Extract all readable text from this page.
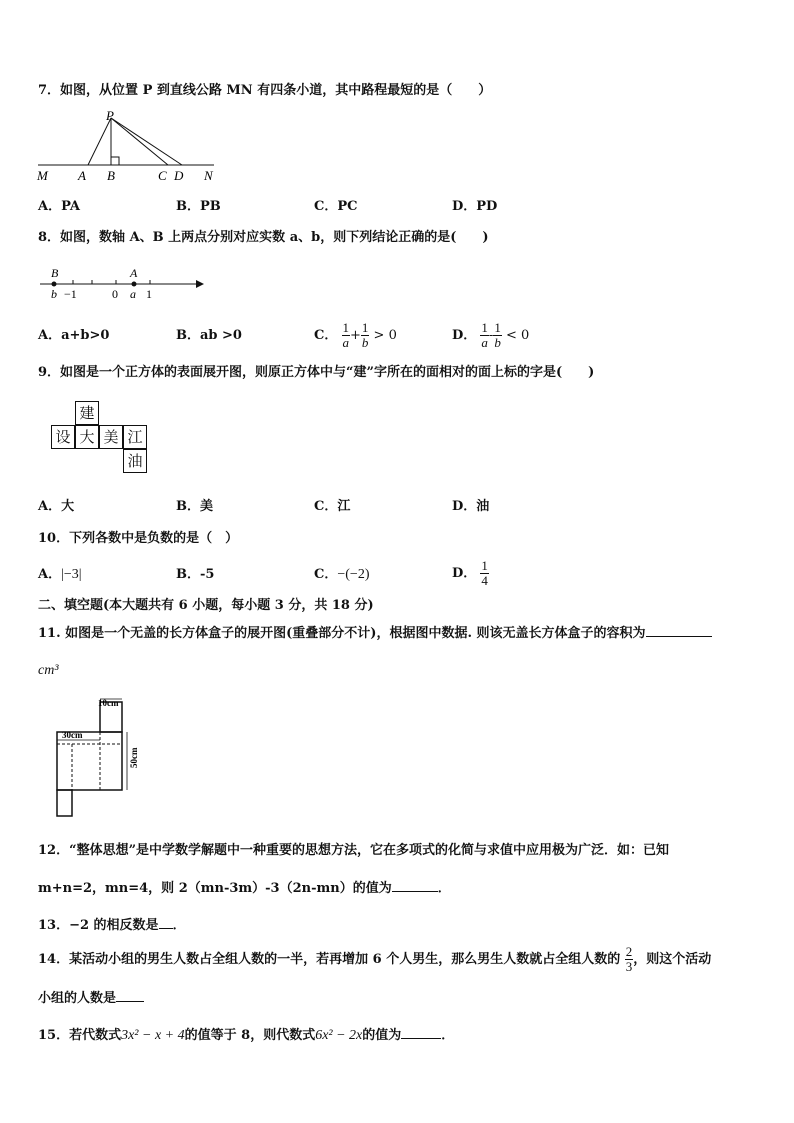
7．如图，从位置 P 到直线公路 MN 有四条小道，其中路程最短的是（　　）
P
M A B	C D N
A．PA	B．PB	C．PC	D．PD
8．如图，数轴 A、B 上两点分别对应实数 a、b，则下列结论正确的是(　　)
B	A
b −1	0 a 1
A．a+b>0	B．ab >0	C． $\frac{1}{a} + \frac{1}{b} > 0$	D． $\frac{1}{a} - \frac{1}{b} < 0$
9．如图是一个正方体的表面展开图，则原正方体中与“建”字所在的面相对的面上标的字是(　　)
建
设 大 美 江
油
A．大	B．美	C．江	D．油
10．下列各数中是负数的是（　）
A．|−3|	B．-5	C．−(−2)	D． $\frac{1}{4}$
二、填空题(本大题共有 6 小题，每小题 3 分，共 18 分)
11. 如图是一个无盖的长方体盒子的展开图(重叠部分不计)，根据图中数据. 则该无盖长方体盒子的容积为
cm³
10cm
30cm
50cm
12．“整体思想”是中学数学解题中一种重要的思想方法，它在多项式的化简与求值中应用极为广泛．如：已知
m+n=2，mn=4，则 2（mn-3m）-3（2n-mn）的值为	．
13．−2 的相反数是 ．
14．某活动小组的男生人数占全组人数的一半，若再增加 6 个人男生，那么男生人数就占全组人数的 $\frac{2}{3}$ ，则这个活动
小组的人数是
15．若代数式3x² − x + 4的值等于 8，则代数式6x² − 2x的值为	．
